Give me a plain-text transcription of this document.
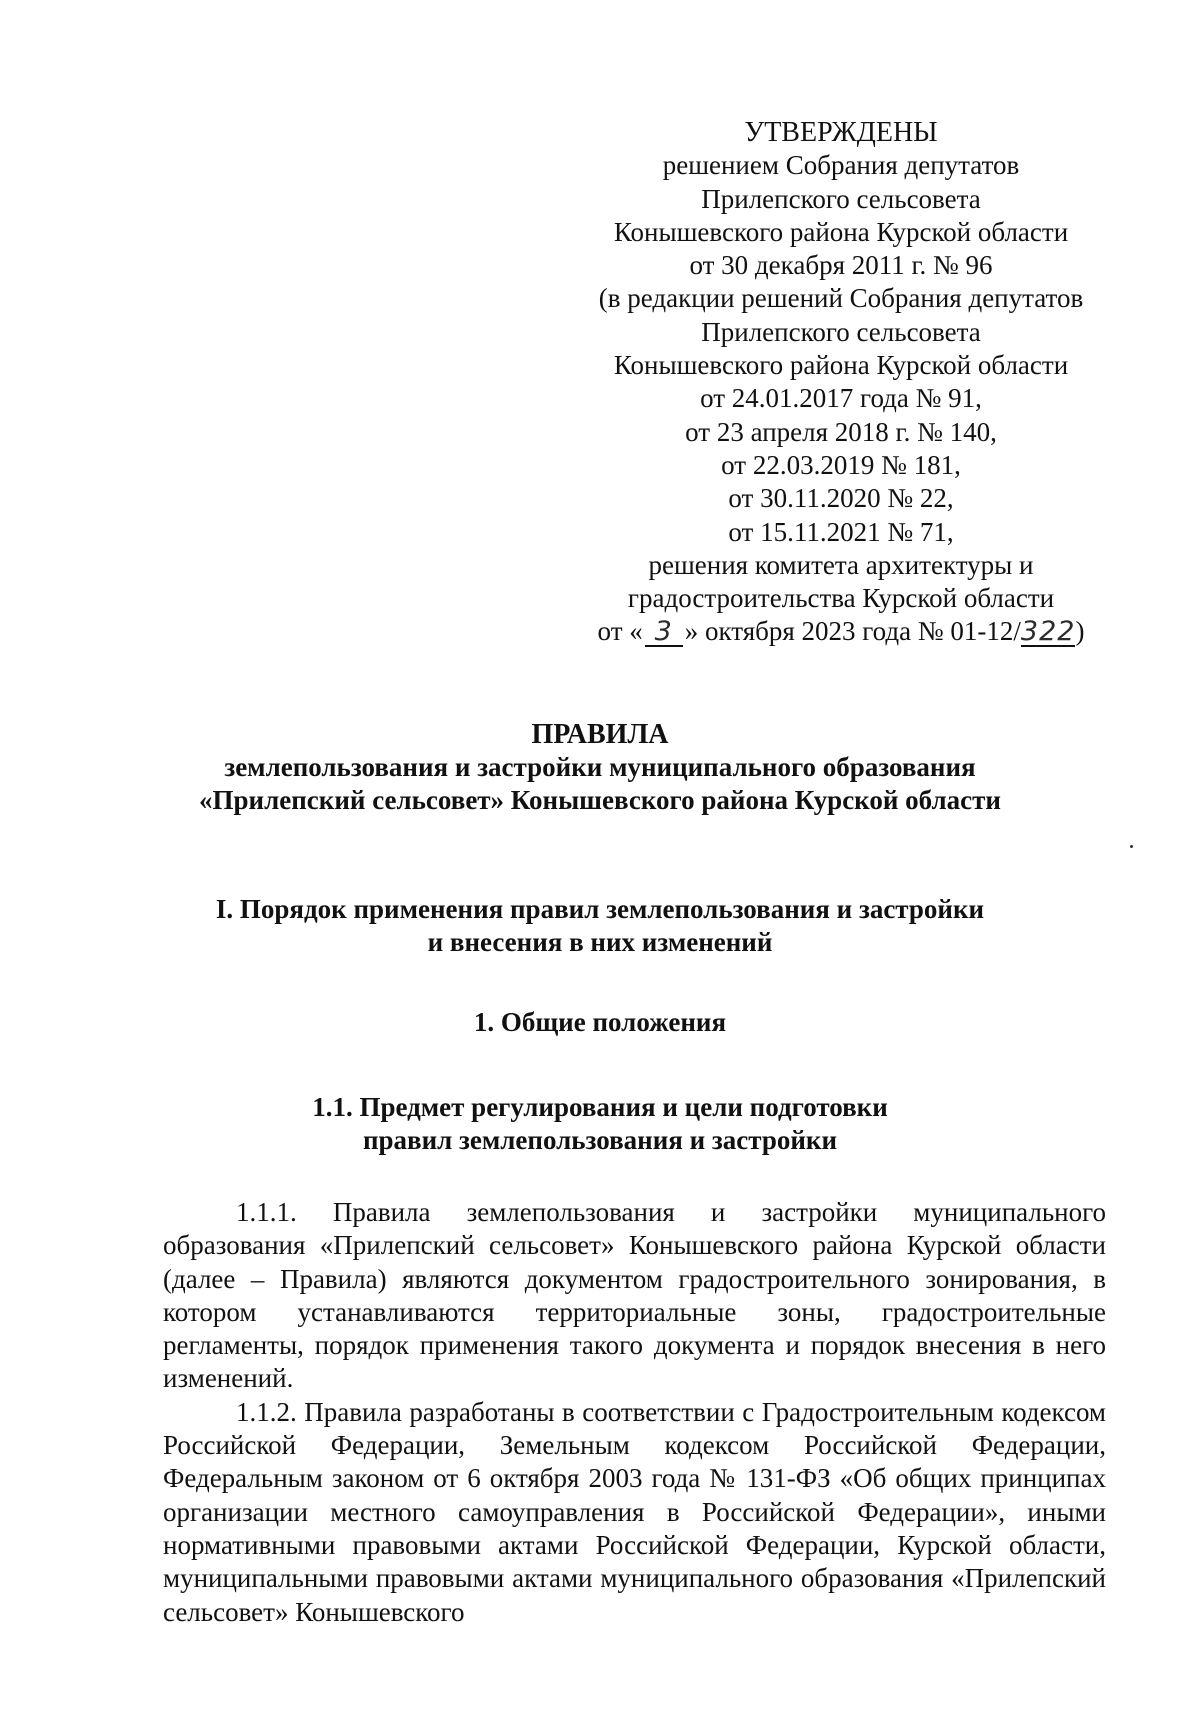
УТВЕРЖДЕНЫ
решением Собрания депутатов
Прилепского сельсовета
Конышевского района Курской области
от 30 декабря 2011 г. № 96
(в редакции решений Собрания депутатов
Прилепского сельсовета
Конышевского района Курской области
от 24.01.2017 года № 91,
от 23 апреля 2018 г. № 140,
от 22.03.2019 № 181,
от 30.11.2020 № 22,
от 15.11.2021 № 71,
решения комитета архитектуры и
градостроительства Курской области
от « 3 » октября 2023 года № 01-12/322)
ПРАВИЛА
землепользования и застройки муниципального образования
«Прилепский сельсовет» Конышевского района Курской области
I. Порядок применения правил землепользования и застройки
и внесения в них изменений
1. Общие положения
1.1. Предмет регулирования и цели подготовки
правил землепользования и застройки

1.1.1. Правила землепользования и застройки муниципального образования «Прилепский сельсовет» Конышевского района Курской области (далее – Правила) являются документом градостроительного зонирования, в котором устанавливаются территориальные зоны, градостроительные регламенты, порядок применения такого документа и порядок внесения в него изменений.

1.1.2. Правила разработаны в соответствии с Градостроительным кодексом Российской Федерации, Земельным кодексом Российской Федерации, Федеральным законом от 6 октября 2003 года № 131-ФЗ «Об общих принципах организации местного самоуправления в Российской Федерации», иными нормативными правовыми актами Российской Федерации, Курской области, муниципальными правовыми актами муниципального образования «Прилепский сельсовет» Конышевского
